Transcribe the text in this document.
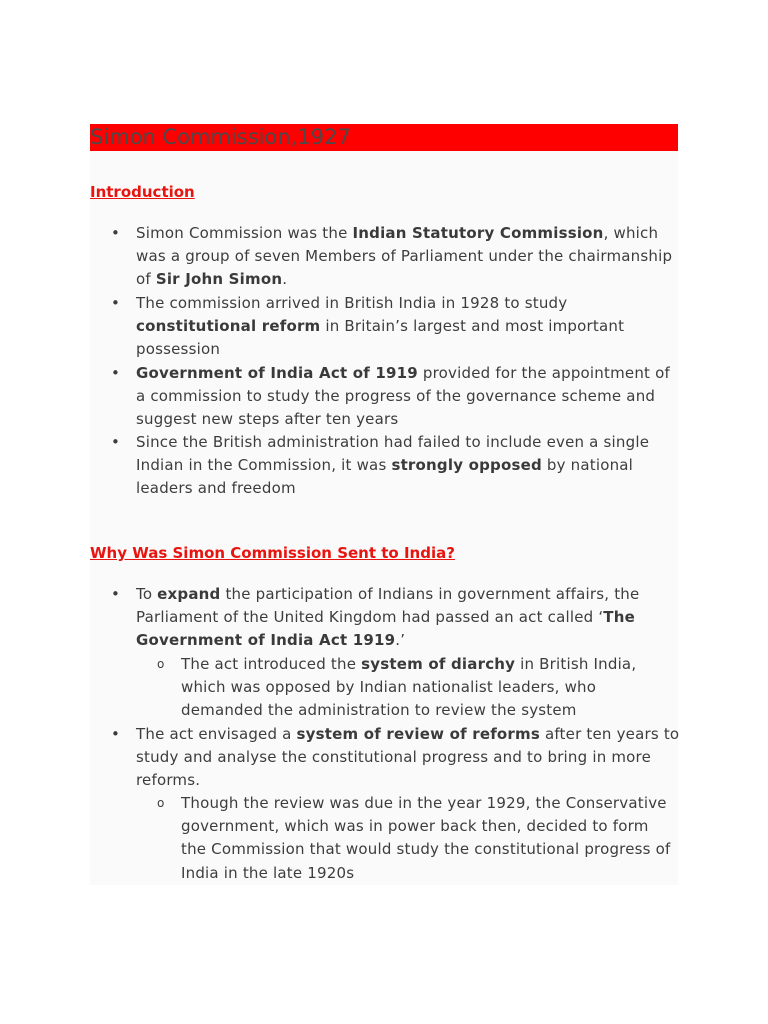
Simon Commission,1927
Introduction
• Simon Commission was the Indian Statutory Commission, which was a group of seven Members of Parliament under the chairmanship of Sir John Simon.
• The commission arrived in British India in 1928 to study constitutional reform in Britain’s largest and most important possession
• Government of India Act of 1919 provided for the appointment of a commission to study the progress of the governance scheme and suggest new steps after ten years
• Since the British administration had failed to include even a single Indian in the Commission, it was strongly opposed by national leaders and freedom
Why Was Simon Commission Sent to India?
• To expand the participation of Indians in government affairs, the Parliament of the United Kingdom had passed an act called ‘The Government of India Act 1919.’
o The act introduced the system of diarchy in British India, which was opposed by Indian nationalist leaders, who demanded the administration to review the system
• The act envisaged a system of review of reforms after ten years to study and analyse the constitutional progress and to bring in more reforms.
o Though the review was due in the year 1929, the Conservative government, which was in power back then, decided to form the Commission that would study the constitutional progress of India in the late 1920s
